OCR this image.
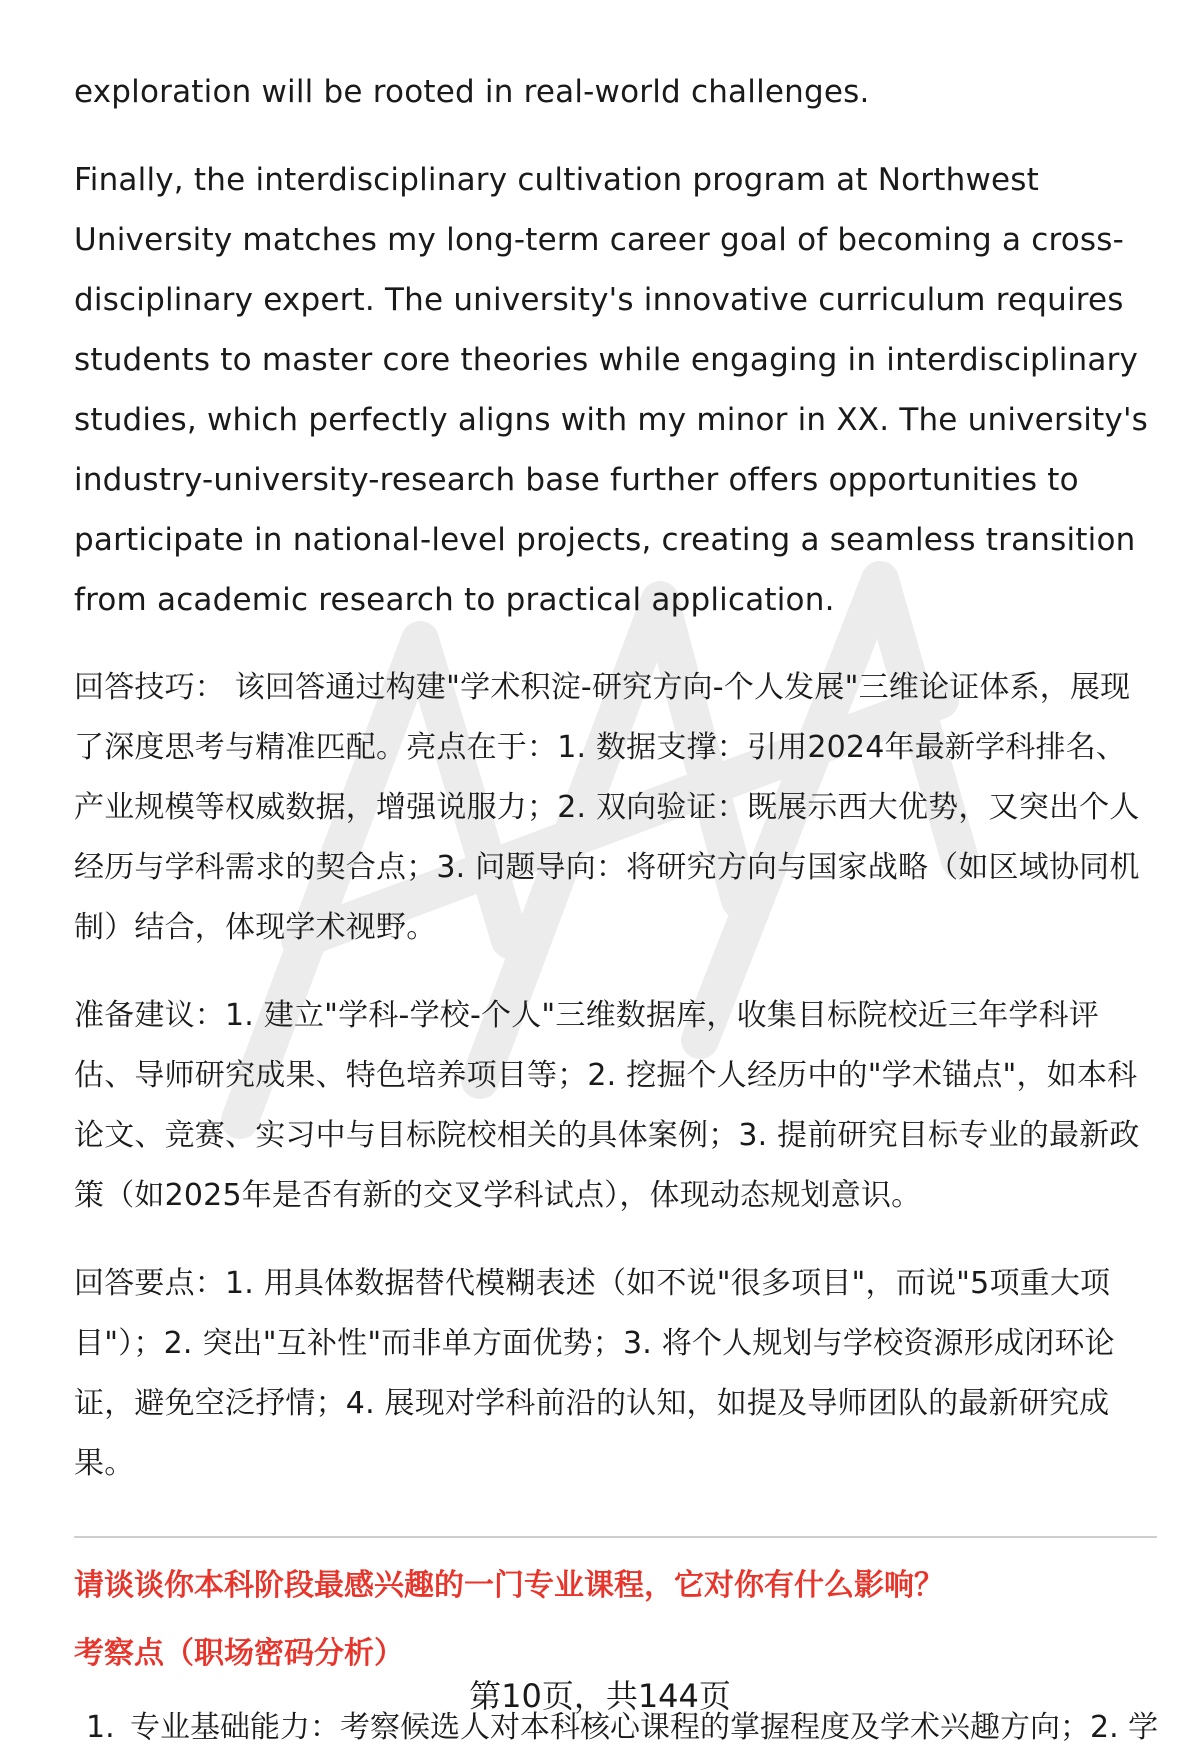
exploration will be rooted in real-world challenges.

Finally, the interdisciplinary cultivation program at Northwest University matches my long-term career goal of becoming a cross-disciplinary expert. The university's innovative curriculum requires students to master core theories while engaging in interdisciplinary studies, which perfectly aligns with my minor in XX. The university's industry-university-research base further offers opportunities to participate in national-level projects, creating a seamless transition from academic research to practical application.

回答技巧： 该回答通过构建"学术积淀-研究方向-个人发展"三维论证体系，展现了深度思考与精准匹配。亮点在于：1. 数据支撑：引用2024年最新学科排名、产业规模等权威数据，增强说服力；2. 双向验证：既展示西大优势，又突出个人经历与学科需求的契合点；3. 问题导向：将研究方向与国家战略（如区域协同机制）结合，体现学术视野。

准备建议：1. 建立"学科-学校-个人"三维数据库，收集目标院校近三年学科评估、导师研究成果、特色培养项目等；2. 挖掘个人经历中的"学术锚点"，如本科论文、竞赛、实习中与目标院校相关的具体案例；3. 提前研究目标专业的最新政策（如2025年是否有新的交叉学科试点），体现动态规划意识。

回答要点：1. 用具体数据替代模糊表述（如不说"很多项目"，而说"5项重大项目"）；2. 突出"互补性"而非单方面优势；3. 将个人规划与学校资源形成闭环论证，避免空泛抒情；4. 展现对学科前沿的认知，如提及导师团队的最新研究成果。

请谈谈你本科阶段最感兴趣的一门专业课程，它对你有什么影响？
考察点（职场密码分析）
1. 专业基础能力：考察候选人对本科核心课程的掌握程度及学术兴趣方向；2. 学
第10页，共144页
